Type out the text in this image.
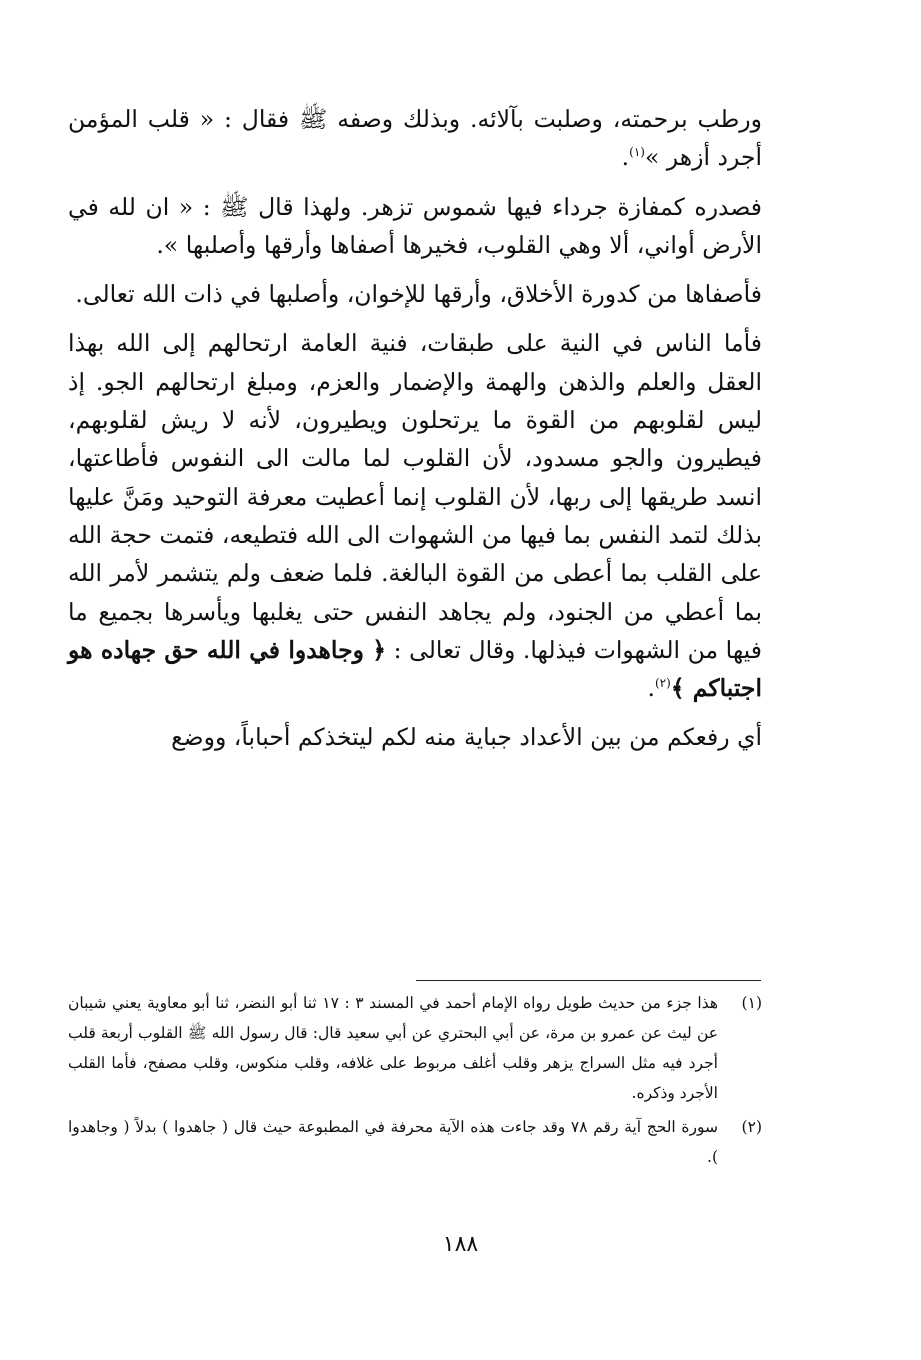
ورطب برحمته، وصلبت بآلائه. وبذلك وصفه ﷺ فقال : « قلب المؤمن أجرد أزهر »$^{(١)}$.

فصدره كمفازة جرداء فيها شموس تزهر. ولهذا قال ﷺ : « ان لله في الأرض أواني، ألا وهي القلوب، فخيرها أصفاها وأرقها وأصلبها ».

فأصفاها من كدورة الأخلاق، وأرقها للإخوان، وأصلبها في ذات الله تعالى.

فأما الناس في النية على طبقات، فنية العامة ارتحالهم إلى الله بهذا العقل والعلم والذهن والهمة والإضمار والعزم، ومبلغ ارتحالهم الجو. إذ ليس لقلوبهم من القوة ما يرتحلون ويطيرون، لأنه لا ريش لقلوبهم، فيطيرون والجو مسدود، لأن القلوب لما مالت الى النفوس فأطاعتها، انسد طريقها إلى ربها، لأن القلوب إنما أعطيت معرفة التوحيد ومَنَّ عليها بذلك لتمد النفس بما فيها من الشهوات الى الله فتطيعه، فتمت حجة الله على القلب بما أعطى من القوة البالغة. فلما ضعف ولم يتشمر لأمر الله بما أعطي من الجنود، ولم يجاهد النفس حتى يغلبها ويأسرها بجميع ما فيها من الشهوات فيذلها. وقال تعالى : ﴿ وجاهدوا في الله حق جهاده هو اجتباكم ﴾$^{(٢)}$.

أي رفعكم من بين الأعداد جباية منه لكم ليتخذكم أحباباً، ووضع

(١)
هذا جزء من حديث طويل رواه الإمام أحمد في المسند ٣ : ١٧ ثنا أبو النضر، ثنا أبو معاوية يعني شيبان عن ليث عن عمرو بن مرة، عن أبي البحتري عن أبي سعيد قال: قال رسول الله ﷺ القلوب أربعة قلب أجرد فيه مثل السراج يزهر وقلب أغلف مربوط على غلافه، وقلب منكوس، وقلب مصفح، فأما القلب الأجرد وذكره.
(٢)
سورة الحج آية رقم ٧٨ وقد جاءت هذه الآية محرفة في المطبوعة حيث قال ( جاهدوا ) بدلاً ( وجاهدوا ).
١٨٨
